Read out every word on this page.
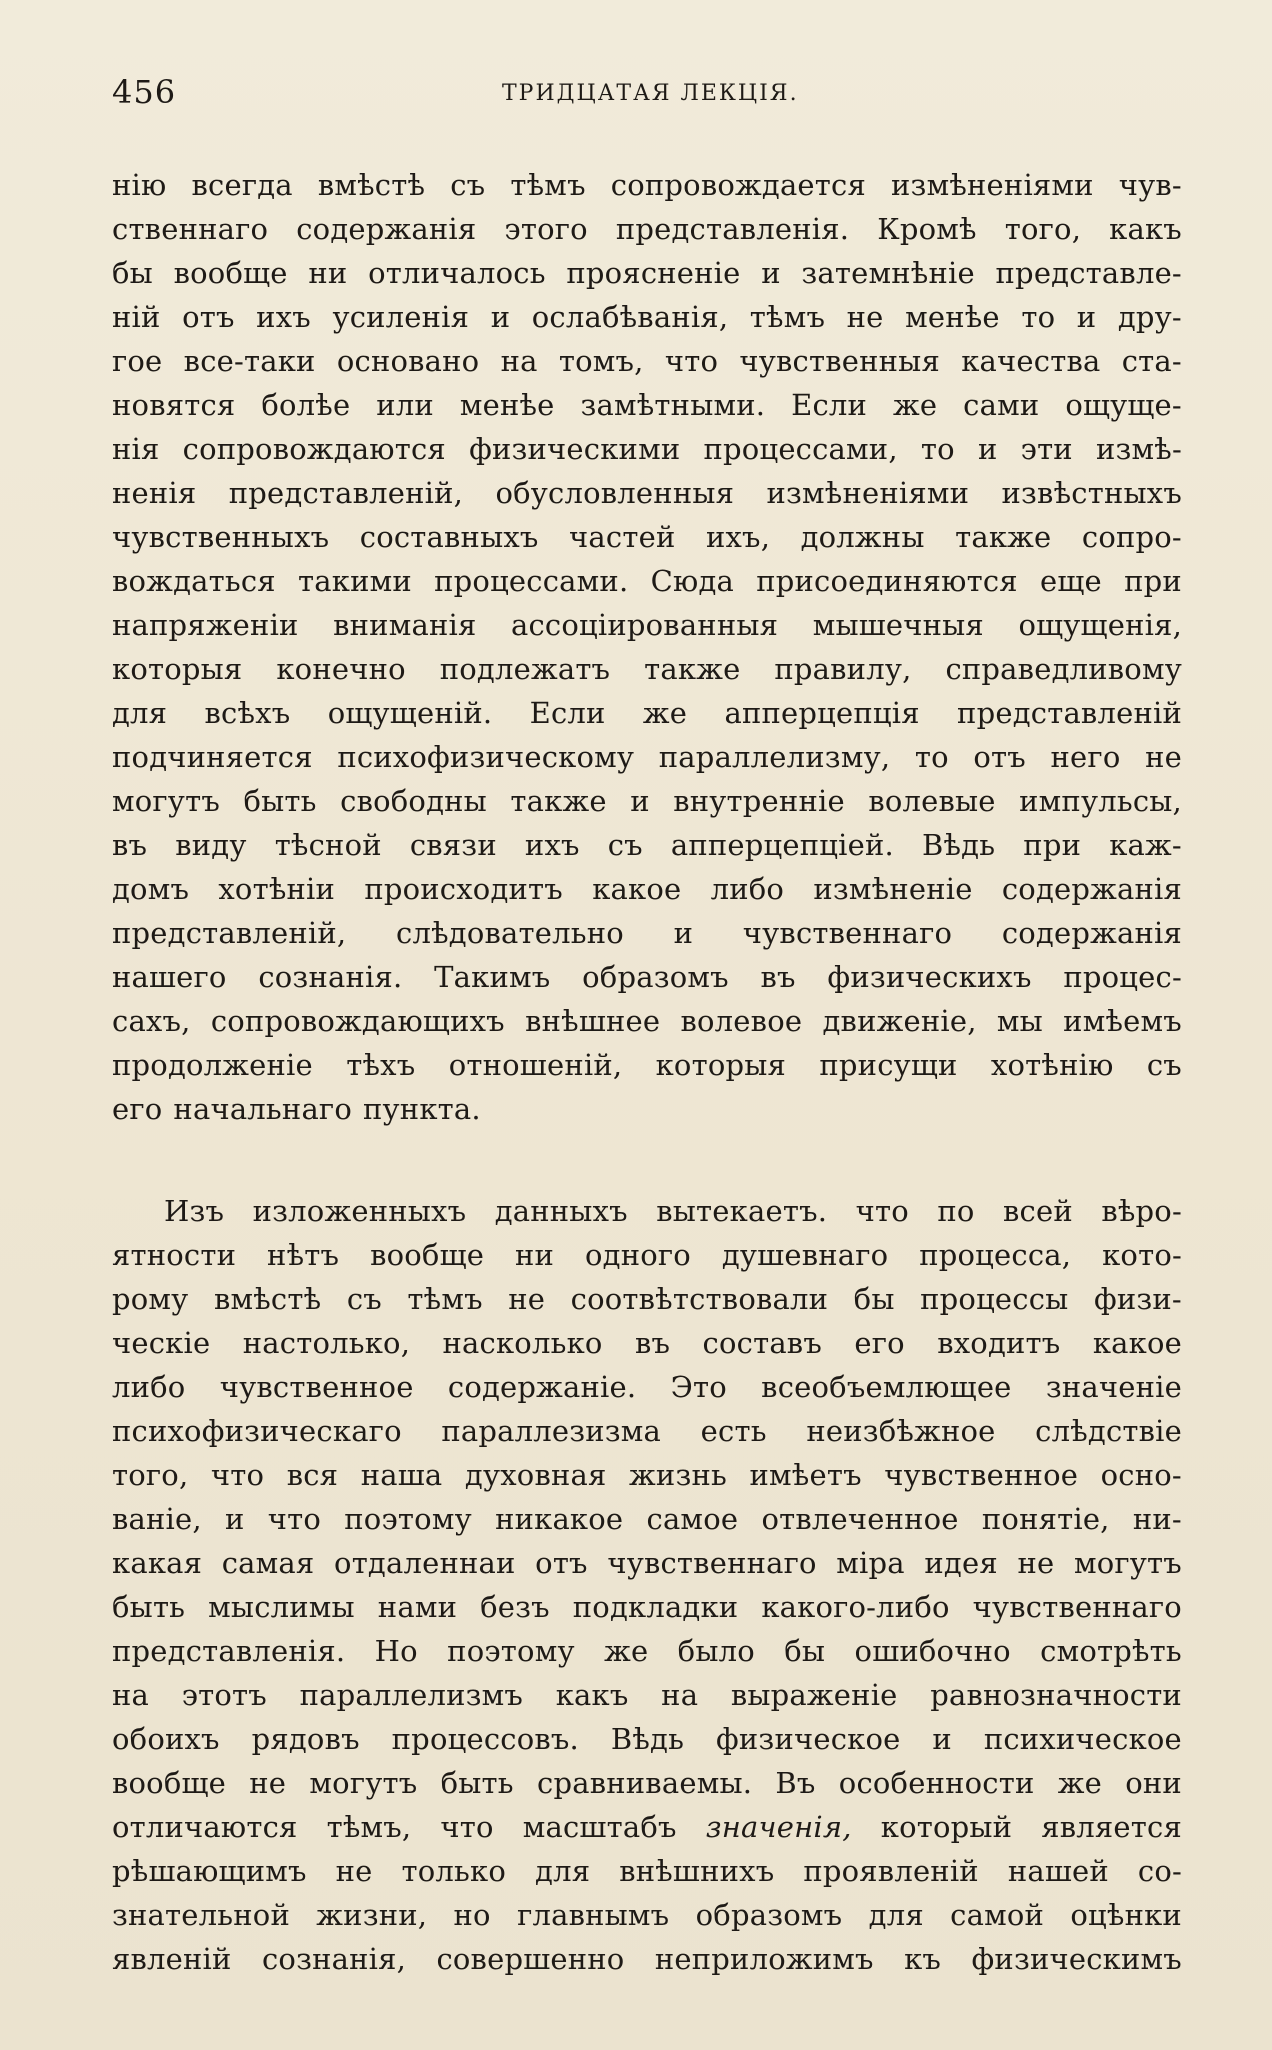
456	ТРИДЦАТАЯ ЛЕКЦІЯ.
нію всегда вмѣстѣ съ тѣмъ сопровождается измѣненіями чув-
ственнаго содержанія этого представленія. Кромѣ того, какъ
бы вообще ни отличалось проясненіе и затемнѣніе представле-
ній отъ ихъ усиленія и ослабѣванія, тѣмъ не менѣе то и дру-
гое все-таки основано на томъ, что чувственныя качества ста-
новятся болѣе или менѣе замѣтными. Если же сами ощуще-
нія сопровождаются физическими процессами, то и эти измѣ-
ненія представленій, обусловленныя измѣненіями извѣстныхъ
чувственныхъ составныхъ частей ихъ, должны также сопро-
вождаться такими процессами. Сюда присоединяются еще при
напряженіи вниманія ассоціированныя мышечныя ощущенія,
которыя конечно подлежатъ также правилу, справедливому
для всѣхъ ощущеній. Если же апперцепція представленій
подчиняется психофизическому параллелизму, то отъ него не
могутъ быть свободны также и внутренніе волевые импульсы,
въ виду тѣсной связи ихъ съ апперцепціей. Вѣдь при каж-
домъ хотѣніи происходитъ какое либо измѣненіе содержанія
представленій, слѣдовательно и чувственнаго содержанія
нашего сознанія. Такимъ образомъ въ физическихъ процес-
сахъ, сопровождающихъ внѣшнее волевое движеніе, мы имѣемъ
продолженіе тѣхъ отношеній, которыя присущи хотѣнію съ
его начальнаго пункта.
Изъ изложенныхъ данныхъ вытекаетъ. что по всей вѣро-
ятности нѣтъ вообще ни одного душевнаго процесса, кото-
рому вмѣстѣ съ тѣмъ не соотвѣтствовали бы процессы физи-
ческіе настолько, насколько въ составъ его входитъ какое
либо чувственное содержаніе. Это всеобъемлющее значеніе
психофизическаго параллезизма есть неизбѣжное слѣдствіе
того, что вся наша духовная жизнь имѣетъ чувственное осно-
ваніе, и что поэтому никакое самое отвлеченное понятіе, ни-
какая самая отдаленнаи отъ чувственнаго міра идея не могутъ
быть мыслимы нами безъ подкладки какого-либо чувственнаго
представленія. Но поэтому же было бы ошибочно смотрѣть
на этотъ параллелизмъ какъ на выраженіе равнозначности
обоихъ рядовъ процессовъ. Вѣдь физическое и психическое
вообще не могутъ быть сравниваемы. Въ особенности же они
отличаются тѣмъ, что масштабъ значенія, который является
рѣшающимъ не только для внѣшнихъ проявленій нашей со-
знательной жизни, но главнымъ образомъ для самой оцѣнки
явленій сознанія, совершенно неприложимъ къ физическимъ
